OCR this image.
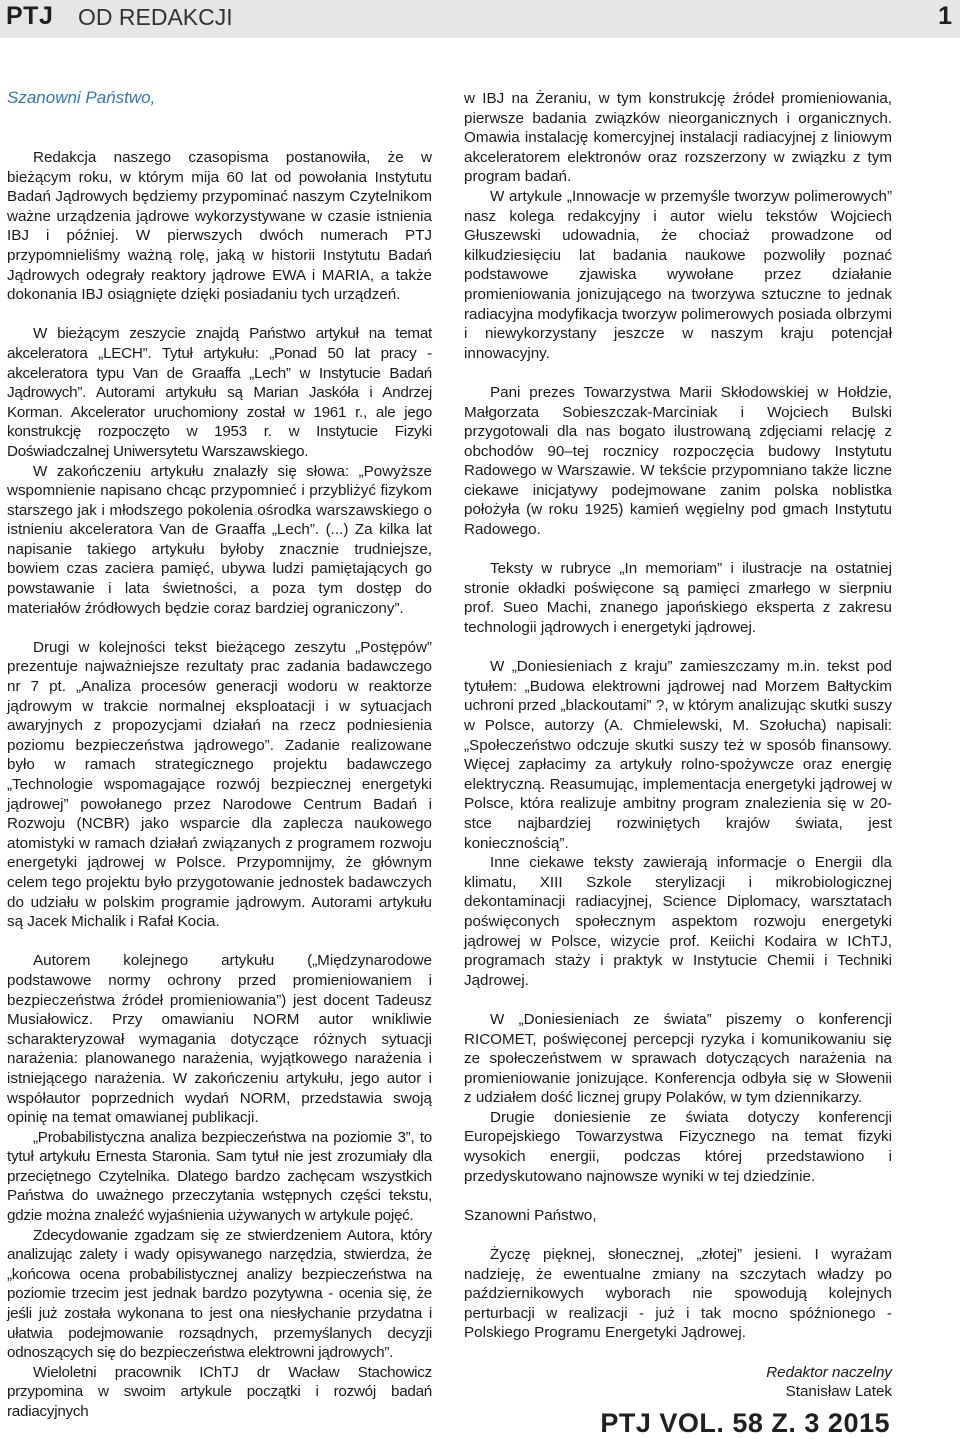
PTJ OD REDAKCJI	1
Szanowni Państwo,

Redakcja naszego czasopisma postanowiła, że w bieżącym roku, w którym mija 60 lat od powołania Instytutu Badań Jądrowych będziemy przypominać naszym Czytelnikom ważne urządzenia jądrowe wykorzystywane w czasie istnienia IBJ i później. W pierwszych dwóch numerach PTJ przypomnieliśmy ważną rolę, jaką w historii Instytutu Badań Jądrowych odegrały reaktory jądrowe EWA i MARIA, a także dokonania IBJ osiągnięte dzięki posiadaniu tych urządzeń.

W bieżącym zeszycie znajdą Państwo artykuł na temat akceleratora „LECH”. Tytuł artykułu: „Ponad 50 lat pracy - akceleratora typu Van de Graaffa „Lech” w Instytucie Badań Jądrowych”. Autorami artykułu są Marian Jaskóła i Andrzej Korman. Akcelerator uruchomiony został w 1961 r., ale jego konstrukcję rozpoczęto w 1953 r. w Instytucie Fizyki Doświadczalnej Uniwersytetu Warszawskiego.

W zakończeniu artykułu znalazły się słowa: „Powyższe wspomnienie napisano chcąc przypomnieć i przybliżyć fizykom starszego jak i młodszego pokolenia ośrodka warszawskiego o istnieniu akceleratora Van de Graaffa „Lech”. (...) Za kilka lat napisanie takiego artykułu byłoby znacznie trudniejsze, bowiem czas zaciera pamięć, ubywa ludzi pamiętających go powstawanie i lata świetności, a poza tym dostęp do materiałów źródłowych będzie coraz bardziej ograniczony”.

Drugi w kolejności tekst bieżącego zeszytu „Postępów” prezentuje najważniejsze rezultaty prac zadania badawczego nr 7 pt. „Analiza procesów generacji wodoru w reaktorze jądrowym w trakcie normalnej eksploatacji i w sytuacjach awaryjnych z propozycjami działań na rzecz podniesienia poziomu bezpieczeństwa jądrowego”. Zadanie realizowane było w ramach strategicznego projektu badawczego „Technologie wspomagające rozwój bezpiecznej energetyki jądrowej” powołanego przez Narodowe Centrum Badań i Rozwoju (NCBR) jako wsparcie dla zaplecza naukowego atomistyki w ramach działań związanych z programem rozwoju energetyki jądrowej w Polsce. Przypomnijmy, że głównym celem tego projektu było przygotowanie jednostek badawczych do udziału w polskim programie jądrowym. Autorami artykułu są Jacek Michalik i Rafał Kocia.

Autorem kolejnego artykułu („Międzynarodowe podstawowe normy ochrony przed promieniowaniem i bezpieczeństwa źródeł promieniowania”) jest docent Tadeusz Musiałowicz. Przy omawianiu NORM autor wnikliwie scharakteryzował wymagania dotyczące różnych sytuacji narażenia: planowanego narażenia, wyjątkowego narażenia i istniejącego narażenia. W zakończeniu artykułu, jego autor i współautor poprzednich wydań NORM, przedstawia swoją opinię na temat omawianej publikacji.

„Probabilistyczna analiza bezpieczeństwa na poziomie 3”, to tytuł artykułu Ernesta Staronia. Sam tytuł nie jest zrozumiały dla przeciętnego Czytelnika. Dlatego bardzo zachęcam wszystkich Państwa do uważnego przeczytania wstępnych części tekstu, gdzie można znaleźć wyjaśnienia używanych w artykule pojęć.

Zdecydowanie zgadzam się ze stwierdzeniem Autora, który analizując zalety i wady opisywanego narzędzia, stwierdza, że „końcowa ocena probabilistycznej analizy bezpieczeństwa na poziomie trzecim jest jednak bardzo pozytywna - ocenia się, że jeśli już została wykonana to jest ona niesłychanie przydatna i ułatwia podejmowanie rozsądnych, przemyślanych decyzji odnoszących się do bezpieczeństwa elektrowni jądrowych”.

Wieloletni pracownik IChTJ dr Wacław Stachowicz przypomina w swoim artykule początki i rozwój badań radiacyjnych

w IBJ na Żeraniu, w tym konstrukcję źródeł promieniowania, pierwsze badania związków nieorganicznych i organicznych. Omawia instalację komercyjnej instalacji radiacyjnej z liniowym akceleratorem elektronów oraz rozszerzony w związku z tym program badań.

W artykule „Innowacje w przemyśle tworzyw polimerowych” nasz kolega redakcyjny i autor wielu tekstów Wojciech Głuszewski udowadnia, że chociaż prowadzone od kilkudziesięciu lat badania naukowe pozwoliły poznać podstawowe zjawiska wywołane przez działanie promieniowania jonizującego na tworzywa sztuczne to jednak radiacyjna modyfikacja tworzyw polimerowych posiada olbrzymi i niewykorzystany jeszcze w naszym kraju potencjał innowacyjny.

Pani prezes Towarzystwa Marii Skłodowskiej w Hołdzie, Małgorzata Sobieszczak-Marciniak i Wojciech Bulski przygotowali dla nas bogato ilustrowaną zdjęciami relację z obchodów 90–tej rocznicy rozpoczęcia budowy Instytutu Radowego w Warszawie. W tekście przypomniano także liczne ciekawe inicjatywy podejmowane zanim polska noblistka położyła (w roku 1925) kamień węgielny pod gmach Instytutu Radowego.

Teksty w rubryce „In memoriam” i ilustracje na ostatniej stronie okładki poświęcone są pamięci zmarłego w sierpniu prof. Sueo Machi, znanego japońskiego eksperta z zakresu technologii jądrowych i energetyki jądrowej.

W „Doniesieniach z kraju” zamieszczamy m.in. tekst pod tytułem: „Budowa elektrowni jądrowej nad Morzem Bałtyckim uchroni przed „blackoutami” ?, w którym analizując skutki suszy w Polsce, autorzy (A. Chmielewski, M. Szołucha) napisali: „Społeczeństwo odczuje skutki suszy też w sposób finansowy. Więcej zapłacimy za artykuły rolno-spożywcze oraz energię elektryczną. Reasumując, implementacja energetyki jądrowej w Polsce, która realizuje ambitny program znalezienia się w 20-stce najbardziej rozwiniętych krajów świata, jest koniecznością”.

Inne ciekawe teksty zawierają informacje o Energii dla klimatu, XIII Szkole sterylizacji i mikrobiologicznej dekontaminacji radiacyjnej, Science Diplomacy, warsztatach poświęconych społecznym aspektom rozwoju energetyki jądrowej w Polsce, wizycie prof. Keiichi Kodaira w IChTJ, programach staży i praktyk w Instytucie Chemii i Techniki Jądrowej.

W „Doniesieniach ze świata” piszemy o konferencji RICOMET, poświęconej percepcji ryzyka i komunikowaniu się ze społeczeństwem w sprawach dotyczących narażenia na promieniowanie jonizujące. Konferencja odbyła się w Słowenii z udziałem dość licznej grupy Polaków, w tym dziennikarzy.

Drugie doniesienie ze świata dotyczy konferencji Europejskiego Towarzystwa Fizycznego na temat fizyki wysokich energii, podczas której przedstawiono i przedyskutowano najnowsze wyniki w tej dziedzinie.

Szanowni Państwo,

Życzę pięknej, słonecznej, „złotej” jesieni. I wyrażam nadzieję, że ewentualne zmiany na szczytach władzy po październikowych wyborach nie spowodują kolejnych perturbacji w realizacji - już i tak mocno spóźnionego - Polskiego Programu Energetyki Jądrowej.

Redaktor naczelny

Stanisław Latek

PTJ VOL. 58 Z. 3 2015
